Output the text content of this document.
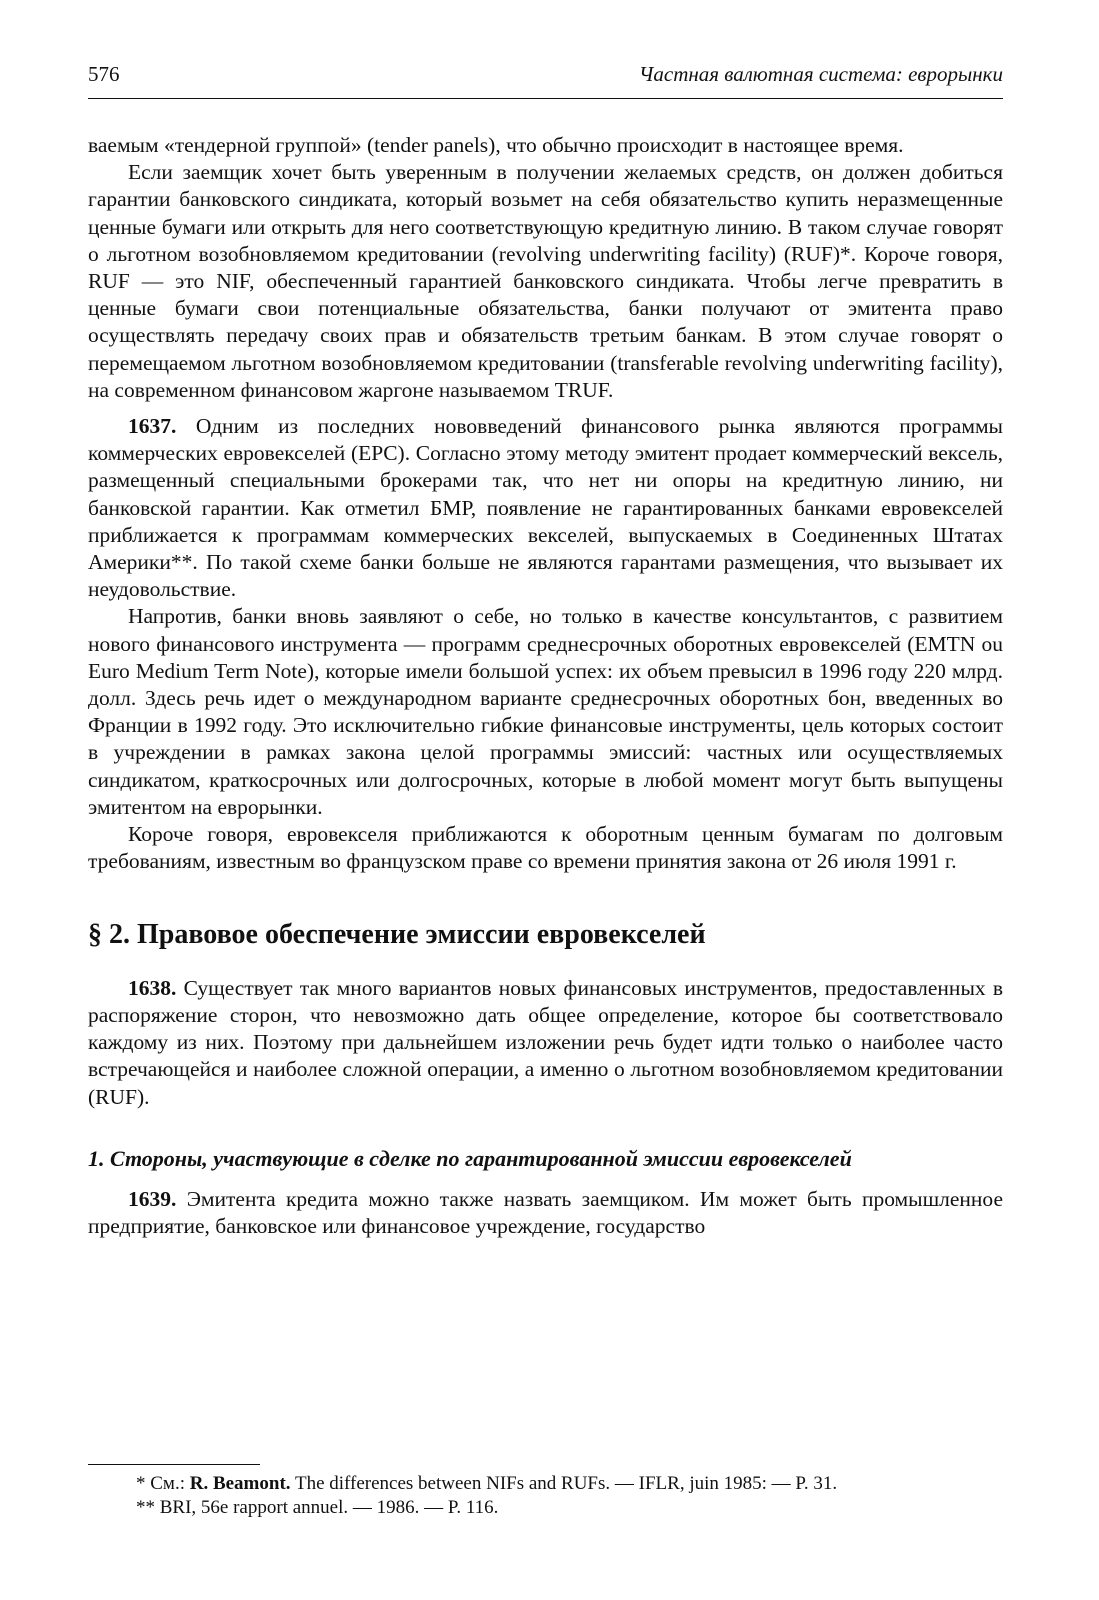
576	Частная валютная система: еврорынки

ваемым «тендерной группой» (tender panels), что обычно происходит в настоящее время.

Если заемщик хочет быть уверенным в получении желаемых средств, он должен добиться гарантии банковского синдиката, который возьмет на себя обязательство купить неразмещенные ценные бумаги или открыть для него соответствующую кредитную линию. В таком случае говорят о льготном возобновляемом кредитовании (revolving underwriting facility) (RUF)*. Короче говоря, RUF — это NIF, обеспеченный гарантией банковского синдиката. Чтобы легче превратить в ценные бумаги свои потенциальные обязательства, банки получают от эмитента право осуществлять передачу своих прав и обязательств третьим банкам. В этом случае говорят о перемещаемом льготном возобновляемом кредитовании (transferable revolving underwriting facility), на современном финансовом жаргоне называемом TRUF.

1637. Одним из последних нововведений финансового рынка являются программы коммерческих евровекселей (EPC). Согласно этому методу эмитент продает коммерческий вексель, размещенный специальными брокерами так, что нет ни опоры на кредитную линию, ни банковской гарантии. Как отметил БМР, появление не гарантированных банками евровекселей приближается к программам коммерческих векселей, выпускаемых в Соединенных Штатах Америки**. По такой схеме банки больше не являются гарантами размещения, что вызывает их неудовольствие.

Напротив, банки вновь заявляют о себе, но только в качестве консультантов, с развитием нового финансового инструмента — программ среднесрочных оборотных евровекселей (EMTN ou Euro Medium Term Note), которые имели большой успех: их объем превысил в 1996 году 220 млрд. долл. Здесь речь идет о международном варианте среднесрочных оборотных бон, введенных во Франции в 1992 году. Это исключительно гибкие финансовые инструменты, цель которых состоит в учреждении в рамках закона целой программы эмиссий: частных или осуществляемых синдикатом, краткосрочных или долгосрочных, которые в любой момент могут быть выпущены эмитентом на еврорынки.

Короче говоря, евровекселя приближаются к оборотным ценным бумагам по долговым требованиям, известным во французском праве со времени принятия закона от 26 июля 1991 г.

§ 2. Правовое обеспечение эмиссии евровекселей

1638. Существует так много вариантов новых финансовых инструментов, предоставленных в распоряжение сторон, что невозможно дать общее определение, которое бы соответствовало каждому из них. Поэтому при дальнейшем изложении речь будет идти только о наиболее часто встречающейся и наиболее сложной операции, а именно о льготном возобновляемом кредитовании (RUF).

1. Стороны, участвующие в сделке по гарантированной эмиссии евровекселей

1639. Эмитента кредита можно также назвать заемщиком. Им может быть промышленное предприятие, банковское или финансовое учреждение, государство

* См.: R. Beamont. The differences between NIFs and RUFs. — IFLR, juin 1985: — P. 31.

** BRI, 56e rapport annuel. — 1986. — P. 116.
